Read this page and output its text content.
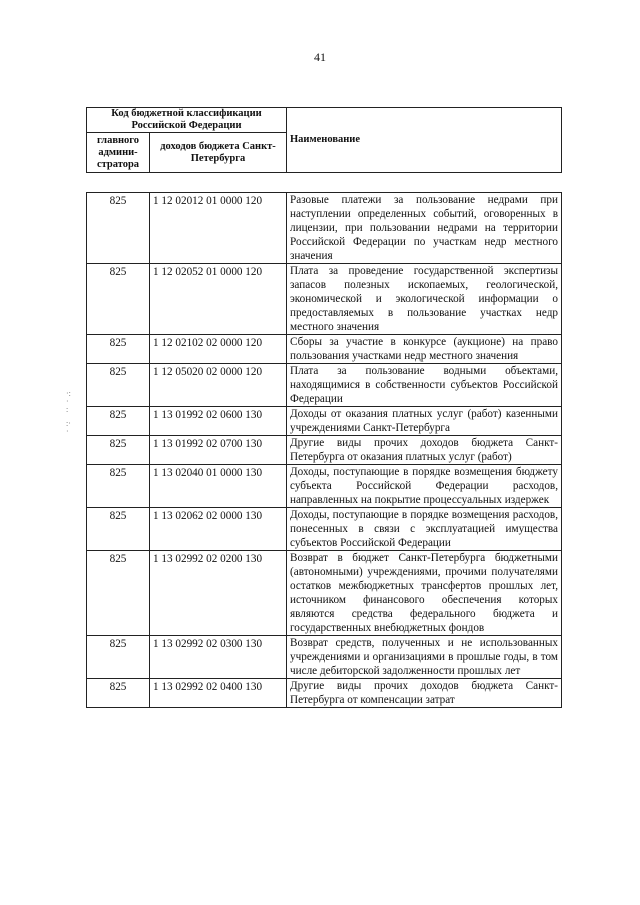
41
Код бюджетной классификации Российской Федерации		Наименование
главного админи-стратора	доходов бюджета Санкт-Петербурга	
825	1 12 02012 01 0000 120	Разовые платежи за пользование недрами при наступлении определенных событий, оговоренных в лицензии, при пользовании недрами на территории Российской Федерации по участкам недр местного значения
825	1 12 02052 01 0000 120	Плата за проведение государственной экспертизы запасов полезных ископаемых, геологической, экономической и экологической информации о предоставляемых в пользование участках недр местного значения
825	1 12 02102 02 0000 120	Сборы за участие в конкурсе (аукционе) на право пользования участками недр местного значения
825	1 12 05020 02 0000 120	Плата за пользование водными объектами, находящимися в собственности субъектов Российской Федерации
825	1 13 01992 02 0600 130	Доходы от оказания платных услуг (работ) казенными учреждениями Санкт-Петербурга
825	1 13 01992 02 0700 130	Другие виды прочих доходов бюджета Санкт-Петербурга от оказания платных услуг (работ)
825	1 13 02040 01 0000 130	Доходы, поступающие в порядке возмещения бюджету субъекта Российской Федерации расходов, направленных на покрытие процессуальных издержек
825	1 13 02062 02 0000 130	Доходы, поступающие в порядке возмещения расходов, понесенных в связи с эксплуатацией имущества субъектов Российской Федерации
825	1 13 02992 02 0200 130	Возврат в бюджет Санкт-Петербурга бюджетными (автономными) учреждениями, прочими получателями остатков межбюджетных трансфертов прошлых лет, источником финансового обеспечения которых являются средства федерального бюджета и государственных внебюджетных фондов
825	1 13 02992 02 0300 130	Возврат средств, полученных и не использованных учреждениями и организациями в прошлые годы, в том числе дебиторской задолженности прошлых лет
825	1 13 02992 02 0400 130	Другие виды прочих доходов бюджета Санкт-Петербурга от компенсации затрат
·:
·
:
:·
·
